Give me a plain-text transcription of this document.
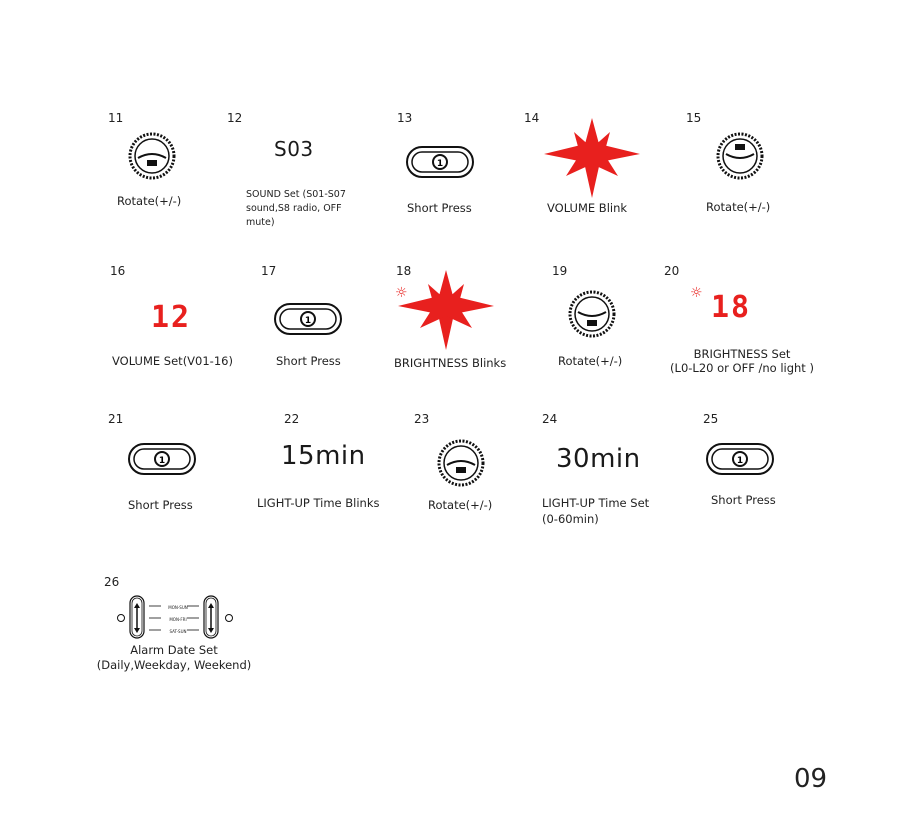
11
Rotate(+/-)
12
S03
SOUND Set (S01-S07
sound,S8 radio, OFF
mute)
13
1
Short Press
14
VOLUME Blink
15
Rotate(+/-)
16
12
VOLUME Set(V01-16)
17
1
Short Press
18
☼
BRIGHTNESS Blinks
19
Rotate(+/-)
20
☼ 18
BRIGHTNESS Set
(L0-L20 or OFF /no light )
21
1
Short Press
22
15min
LIGHT-UP Time Blinks
23
Rotate(+/-)
24
30min
LIGHT-UP Time Set
(0-60min)
25
1
Short Press
26
MON-SUN
MON-FRI
SAT-SUN
Alarm Date Set
(Daily,Weekday, Weekend)
09
